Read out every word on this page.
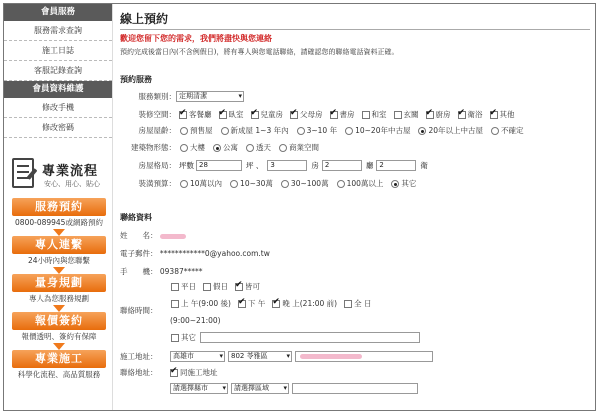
會員服務
服務需求查詢
施工日誌
客服記錄查詢
會員資料維護
修改手機
修改密碼
專業流程
安心、用心、貼心
服務預約
0800-089945或網路預約
專人連繫
24小時內與您聯繫
量身規劃
專人為您服務規劃
報價簽約
報價透明、簽約有保障
專業施工
科學化流程、高品質服務
線上預約
歡迎您留下您的需求，我們將盡快與您連絡
預約完成後當日內(不含例假日)，將有專人與您電話聯絡，請確認您的聯絡電話資料正確。
預約服務
服務類別： 定期清潔 ▾
裝修空間： ✔	客餐廳 ✔ 臥室 ✔ 兒童房 ✔ 父母房 ✔ 書房 和室 玄關 ✔ 廚房 ✔ 衛浴 ✔ 其他
房屋屋齡：	預售屋 新成屋 1~3 年內 3~10 年 10~20年中古屋 20年以上中古屋 不確定
建築物形態：	大樓 公寓 透天 商業空間
房屋格局： 坪數 28	坪 、	3	房 2	廳 2	衛
裝潢預算：	10萬以內 10~30萬 30~100萬 100萬以上 其它
聯絡資料
姓　　名：
電子郵件： ************0@yahoo.com.tw
手　　機： 09387*****
聯絡時間：
平日 假日 ✔ 皆可
上 午(9:00 後) ✔ 下 午 ✔ 晚 上(21:00 前) 全 日
(9:00~21:00)
其它
施工地址：	高雄市 ▾	802 苓雅區 ▾
聯絡地址： ✔	同施工地址
請選擇縣市 ▾	請選擇區域 ▾
